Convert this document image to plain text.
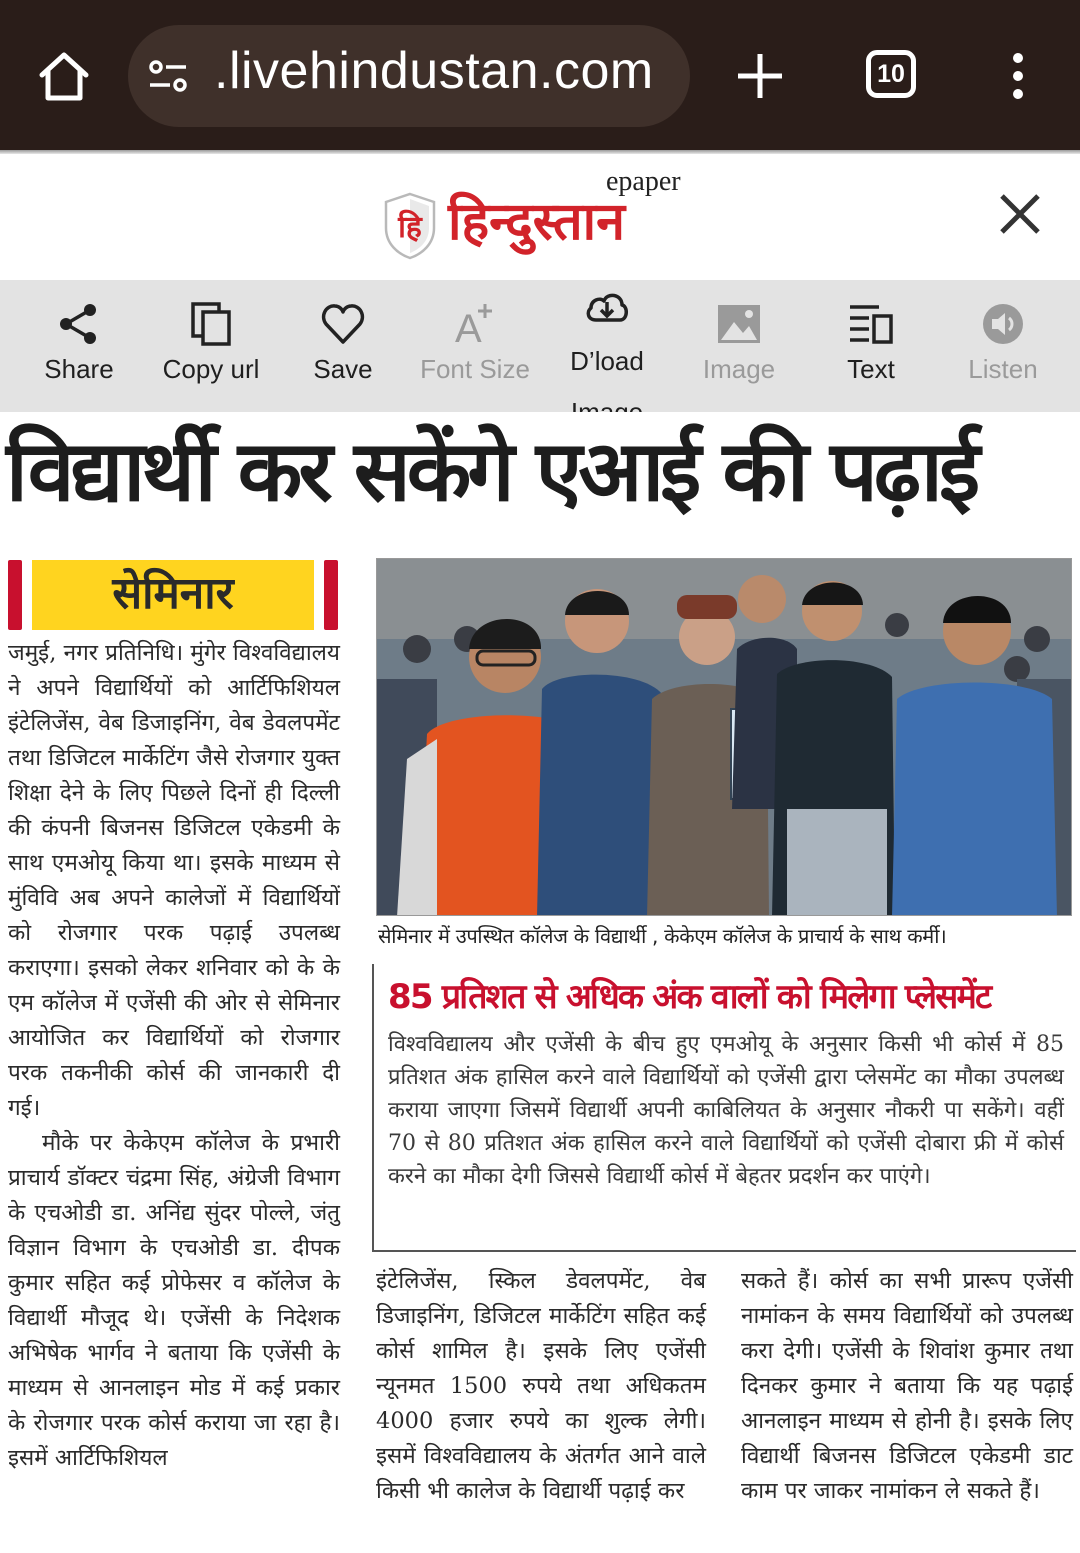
.livehindustan.com	10
हि हिन्दुस्तान
epaper
Share	Copy url	Save
A
Font Size	D’load	Image	Text	Listen
विद्यार्थी कर सकेंगे एआई की पढ़ाई
सेमिनार
जमुई, नगर प्रतिनिधि। मुंगेर विश्वविद्यालय ने अपने विद्यार्थियों को आर्टिफिशियल इंटेलिजेंस, वेब डिजाइनिंग, वेब डेवलपमेंट तथा डिजिटल मार्केटिंग जैसे रोजगार युक्त शिक्षा देने के लिए पिछले दिनों ही दिल्ली की कंपनी बिजनस डिजिटल एकेडमी के साथ एमओयू किया था। इसके माध्यम से मुंविवि अब अपने कालेजों में विद्यार्थियों को रोजगार परक पढ़ाई उपलब्ध कराएगा। इसको लेकर शनिवार को के के एम कॉलेज में एजेंसी की ओर से सेमिनार आयोजित कर विद्यार्थियों को रोजगार परक तकनीकी कोर्स की जानकारी दी गई।
मौके पर केकेएम कॉलेज के प्रभारी प्राचार्य डॉक्टर चंद्रमा सिंह, अंग्रेजी विभाग के एचओडी डा. अनिंद्य सुंदर पोल्ले, जंतु विज्ञान विभाग के एचओडी डा. दीपक कुमार सहित कई प्रोफेसर व कॉलेज के विद्यार्थी मौजूद थे। एजेंसी के निदेशक अभिषेक भार्गव ने बताया कि एजेंसी के माध्यम से आनलाइन मोड में कई प्रकार के रोजगार परक कोर्स कराया जा रहा है। इसमें आर्टिफिशियल
सेमिनार में उपस्थित कॉलेज के विद्यार्थी , केकेएम कॉलेज के प्राचार्य के साथ कर्मी।
85 प्रतिशत से अधिक अंक वालों को मिलेगा प्लेसमेंट
विश्वविद्यालय और एजेंसी के बीच हुए एमओयू के अनुसार किसी भी कोर्स में 85 प्रतिशत अंक हासिल करने वाले विद्यार्थियों को एजेंसी द्वारा प्लेसमेंट का मौका उपलब्ध कराया जाएगा जिसमें विद्यार्थी अपनी काबिलियत के अनुसार नौकरी पा सकेंगे। वहीं 70 से 80 प्रतिशत अंक हासिल करने वाले विद्यार्थियों को एजेंसी दोबारा फ्री में कोर्स करने का मौका देगी जिससे विद्यार्थी कोर्स में बेहतर प्रदर्शन कर पाएंगे।
इंटेलिजेंस, स्किल डेवलपमेंट, वेब डिजाइनिंग, डिजिटल मार्केटिंग सहित कई कोर्स शामिल है। इसके लिए एजेंसी न्यूनमत 1500 रुपये तथा अधिकतम 4000 हजार रुपये का शुल्क लेगी। इसमें विश्वविद्यालय के अंतर्गत आने वाले किसी भी कालेज के विद्यार्थी पढ़ाई कर
सकते हैं। कोर्स का सभी प्रारूप एजेंसी नामांकन के समय विद्यार्थियों को उपलब्ध करा देगी। एजेंसी के शिवांश कुमार तथा दिनकर कुमार ने बताया कि यह पढ़ाई आनलाइन माध्यम से होनी है। इसके लिए विद्यार्थी बिजनस डिजिटल एकेडमी डाट काम पर जाकर नामांकन ले सकते हैं।
